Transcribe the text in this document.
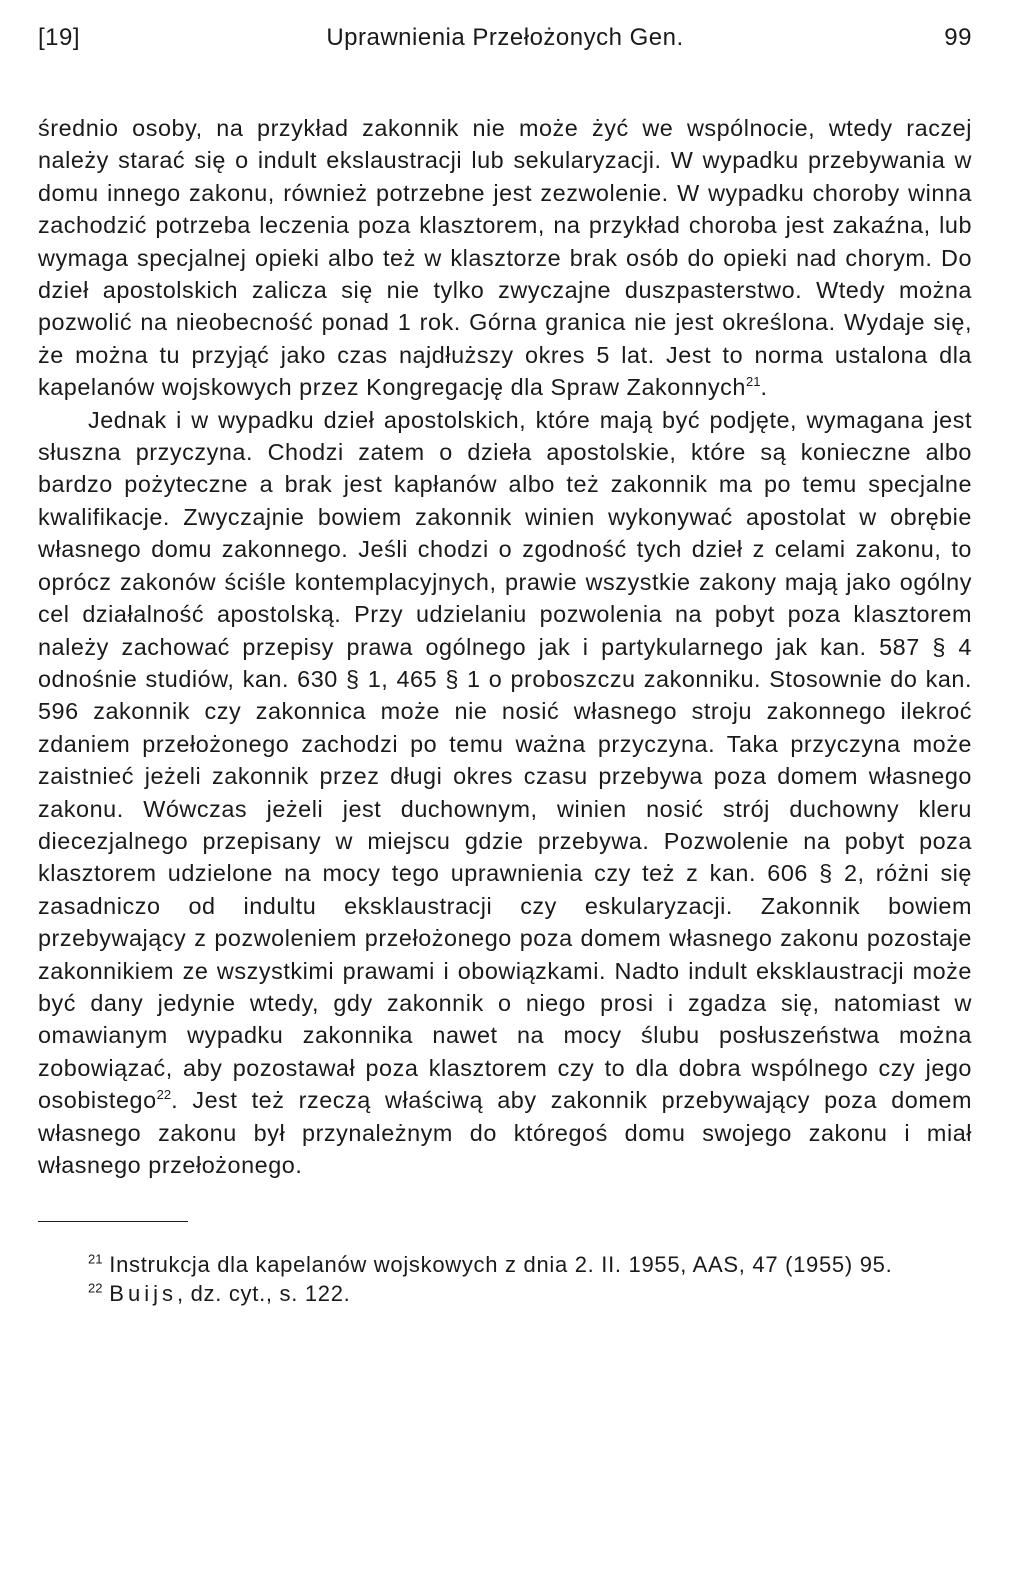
[19]	Uprawnienia Przełożonych Gen.	99

średnio osoby, na przykład zakonnik nie może żyć we wspólnocie, wtedy raczej należy starać się o indult ekslaustracji lub sekularyzacji. W wypadku przebywania w domu innego zakonu, również potrzebne jest zezwolenie. W wypadku choroby winna zachodzić potrzeba leczenia poza klasztorem, na przykład choroba jest zakaźna, lub wymaga specjalnej opieki albo też w klasztorze brak osób do opieki nad chorym. Do dzieł apostolskich zalicza się nie tylko zwyczajne duszpasterstwo. Wtedy można pozwolić na nieobecność ponad 1 rok. Górna granica nie jest określona. Wydaje się, że można tu przyjąć jako czas najdłuższy okres 5 lat. Jest to norma ustalona dla kapelanów wojskowych przez Kongregację dla Spraw Zakonnych$^{21}$.

Jednak i w wypadku dzieł apostolskich, które mają być podjęte, wymagana jest słuszna przyczyna. Chodzi zatem o dzieła apostolskie, które są konieczne albo bardzo pożyteczne a brak jest kapłanów albo też zakonnik ma po temu specjalne kwalifikacje. Zwyczajnie bowiem zakonnik winien wykonywać apostolat w obrębie własnego domu zakonnego. Jeśli chodzi o zgodność tych dzieł z celami zakonu, to oprócz zakonów ściśle kontemplacyjnych, prawie wszystkie zakony mają jako ogólny cel działalność apostolską. Przy udzielaniu pozwolenia na pobyt poza klasztorem należy zachować przepisy prawa ogólnego jak i partykularnego jak kan. 587 § 4 odnośnie studiów, kan. 630 § 1, 465 § 1 o proboszczu zakonniku. Stosownie do kan. 596 zakonnik czy zakonnica może nie nosić własnego stroju zakonnego ilekroć zdaniem przełożonego zachodzi po temu ważna przyczyna. Taka przyczyna może zaistnieć jeżeli zakonnik przez długi okres czasu przebywa poza domem własnego zakonu. Wówczas jeżeli jest duchownym, winien nosić strój duchowny kleru diecezjalnego przepisany w miejscu gdzie przebywa. Pozwolenie na pobyt poza klasztorem udzielone na mocy tego uprawnienia czy też z kan. 606 § 2, różni się zasadniczo od indultu eksklaustracji czy eskularyzacji. Zakonnik bowiem przebywający z pozwoleniem przełożonego poza domem własnego zakonu pozostaje zakonnikiem ze wszystkimi prawami i obowiązkami. Nadto indult eksklaustracji może być dany jedynie wtedy, gdy zakonnik o niego prosi i zgadza się, natomiast w omawianym wypadku zakonnika nawet na mocy ślubu posłuszeństwa można zobowiązać, aby pozostawał poza klasztorem czy to dla dobra wspólnego czy jego osobistego$^{22}$. Jest też rzeczą właściwą aby zakonnik przebywający poza domem własnego zakonu był przynależnym do któregoś domu swojego zakonu i miał własnego przełożonego.

$^{21}$ Instrukcja dla kapelanów wojskowych z dnia 2. II. 1955, AAS, 47 (1955) 95.

$^{22}$ Buijs, dz. cyt., s. 122.
